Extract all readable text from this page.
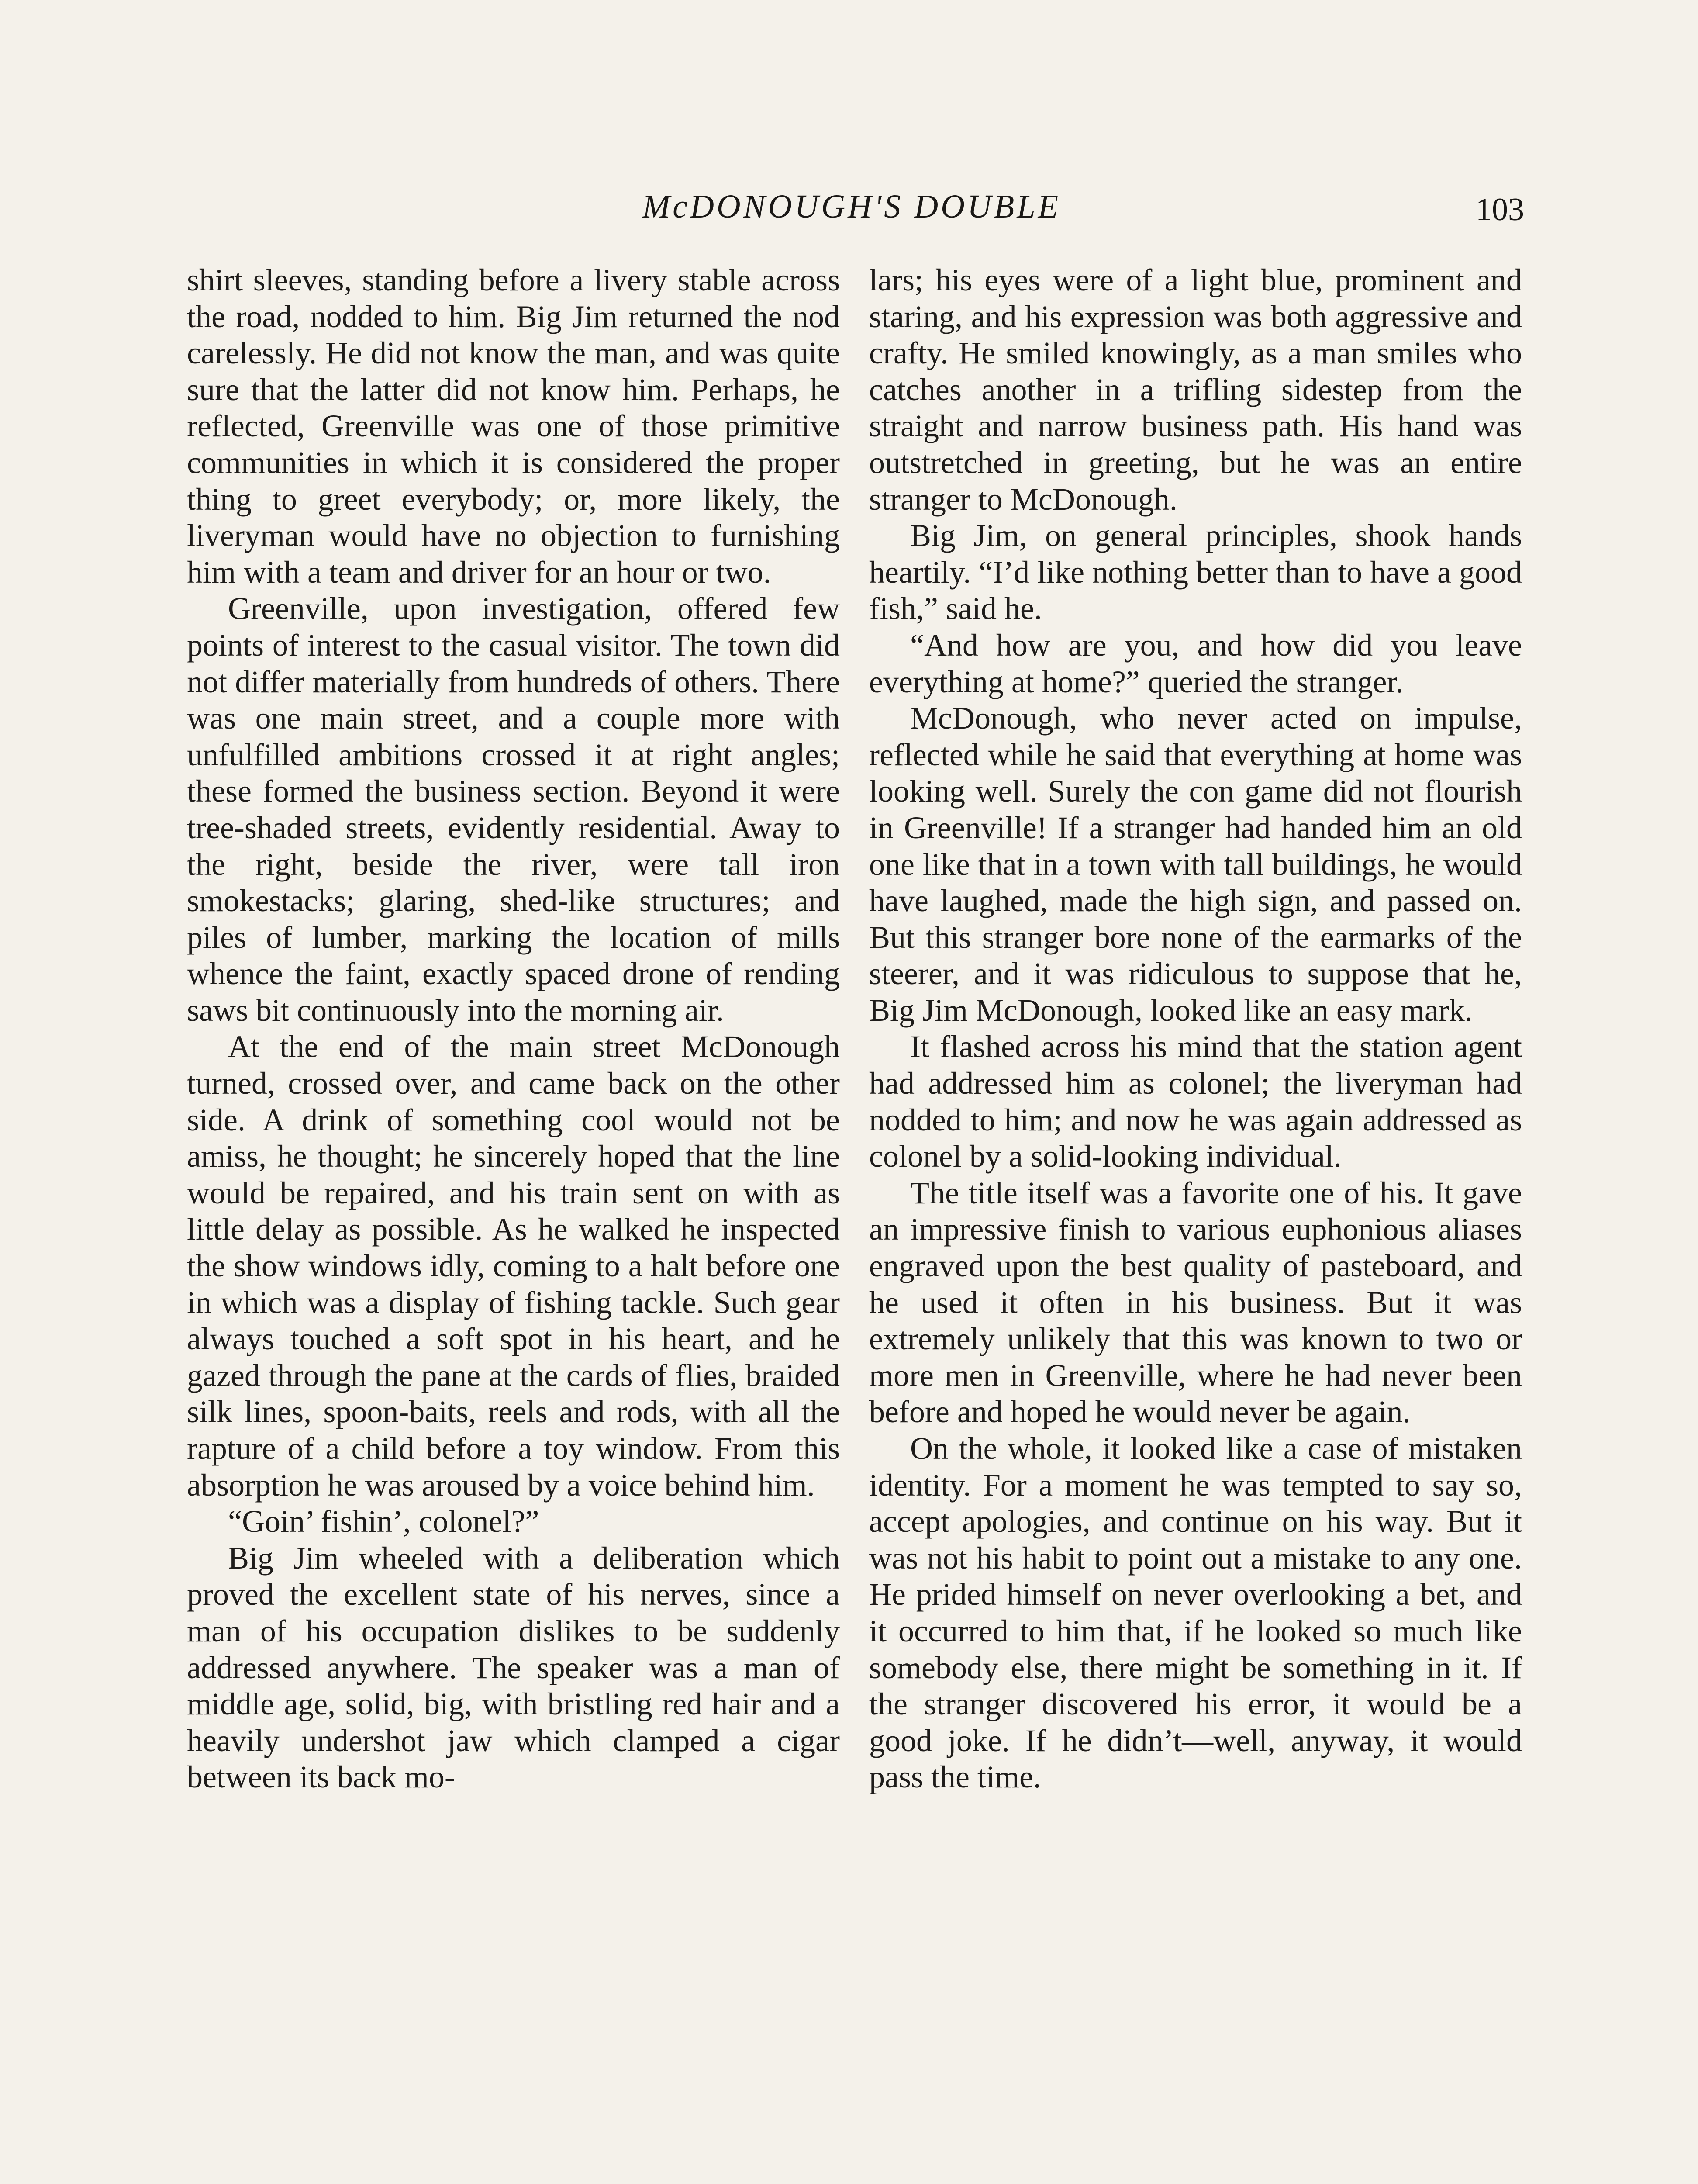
McDONOUGH'S DOUBLE	103

shirt sleeves, standing before a livery stable across the road, nodded to him. Big Jim returned the nod carelessly. He did not know the man, and was quite sure that the latter did not know him. Perhaps, he reflected, Greenville was one of those primitive communities in which it is considered the proper thing to greet everybody; or, more likely, the liveryman would have no objection to furnishing him with a team and driver for an hour or two.

Greenville, upon investigation, offered few points of interest to the casual visitor. The town did not differ materially from hundreds of others. There was one main street, and a couple more with unfulfilled ambitions crossed it at right angles; these formed the business section. Beyond it were tree-shaded streets, evidently residential. Away to the right, beside the river, were tall iron smokestacks; glaring, shed-like structures; and piles of lumber, marking the location of mills whence the faint, exactly spaced drone of rending saws bit continuously into the morning air.

At the end of the main street McDonough turned, crossed over, and came back on the other side. A drink of something cool would not be amiss, he thought; he sincerely hoped that the line would be repaired, and his train sent on with as little delay as possible. As he walked he inspected the show windows idly, coming to a halt before one in which was a display of fishing tackle. Such gear always touched a soft spot in his heart, and he gazed through the pane at the cards of flies, braided silk lines, spoon-baits, reels and rods, with all the rapture of a child before a toy window. From this absorption he was aroused by a voice behind him.

“Goin’ fishin’, colonel?”

Big Jim wheeled with a deliberation which proved the excellent state of his nerves, since a man of his occupation dislikes to be suddenly addressed anywhere. The speaker was a man of middle age, solid, big, with bristling red hair and a heavily undershot jaw which clamped a cigar between its back mo-

lars; his eyes were of a light blue, prominent and staring, and his expression was both aggressive and crafty. He smiled knowingly, as a man smiles who catches another in a trifling sidestep from the straight and narrow business path. His hand was outstretched in greeting, but he was an entire stranger to McDonough.

Big Jim, on general principles, shook hands heartily. “I’d like nothing better than to have a good fish,” said he.

“And how are you, and how did you leave everything at home?” queried the stranger.

McDonough, who never acted on impulse, reflected while he said that everything at home was looking well. Surely the con game did not flourish in Greenville! If a stranger had handed him an old one like that in a town with tall buildings, he would have laughed, made the high sign, and passed on. But this stranger bore none of the earmarks of the steerer, and it was ridiculous to suppose that he, Big Jim McDonough, looked like an easy mark.

It flashed across his mind that the station agent had addressed him as colonel; the liveryman had nodded to him; and now he was again addressed as colonel by a solid-looking individual.

The title itself was a favorite one of his. It gave an impressive finish to various euphonious aliases engraved upon the best quality of pasteboard, and he used it often in his business. But it was extremely unlikely that this was known to two or more men in Greenville, where he had never been before and hoped he would never be again.

On the whole, it looked like a case of mistaken identity. For a moment he was tempted to say so, accept apologies, and continue on his way. But it was not his habit to point out a mistake to any one. He prided himself on never overlooking a bet, and it occurred to him that, if he looked so much like somebody else, there might be something in it. If the stranger discovered his error, it would be a good joke. If he didn’t—well, anyway, it would pass the time.
